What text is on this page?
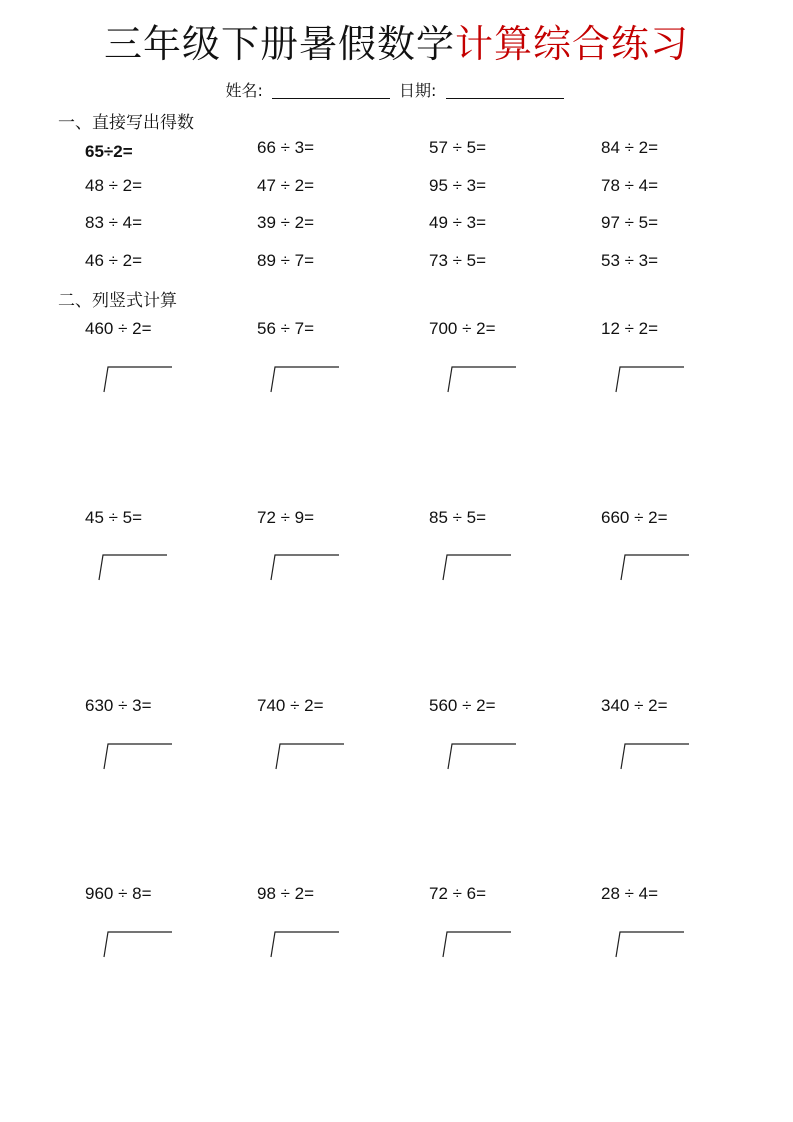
三年级下册暑假数学计算综合练习
姓名:	日期:
一、直接写出得数
65÷2=	66 ÷ 3=	57 ÷ 5=	84 ÷ 2=
48 ÷ 2=	47 ÷ 2=	95 ÷ 3=	78 ÷ 4=
83 ÷ 4=	39 ÷ 2=	49 ÷ 3=	97 ÷ 5=
46 ÷ 2=	89 ÷ 7=	73 ÷ 5=	53 ÷ 3=
二、列竖式计算
460 ÷ 2=	56 ÷ 7=	700 ÷ 2=	12 ÷ 2=
45 ÷ 5=	72 ÷ 9=	85 ÷ 5=	660 ÷ 2=
630 ÷ 3=	740 ÷ 2=	560 ÷ 2=	340 ÷ 2=
960 ÷ 8=	98 ÷ 2=	72 ÷ 6=	28 ÷ 4=
